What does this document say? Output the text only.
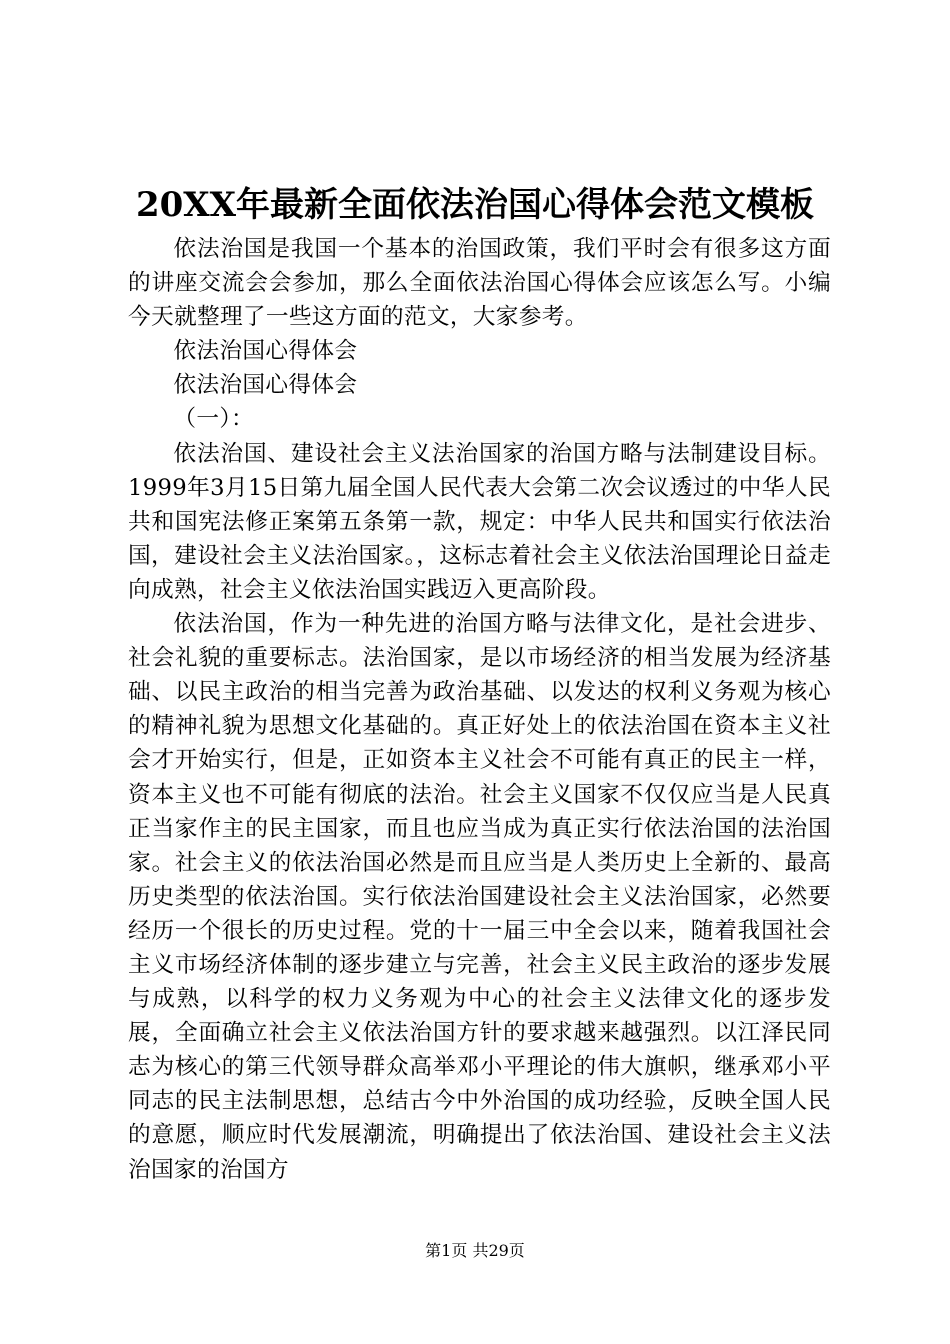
20XX年最新全面依法治国心得体会范文模板

依法治国是我国一个基本的治国政策，我们平时会有很多这方面的讲座交流会会参加，那么全面依法治国心得体会应该怎么写。小编今天就整理了一些这方面的范文，大家参考。

依法治国心得体会

依法治国心得体会

（一）：

依法治国、建设社会主义法治国家的治国方略与法制建设目标。1999年3月15日第九届全国人民代表大会第二次会议透过的中华人民共和国宪法修正案第五条第一款，规定：中华人民共和国实行依法治国，建设社会主义法治国家。，这标志着社会主义依法治国理论日益走向成熟，社会主义依法治国实践迈入更高阶段。

依法治国，作为一种先进的治国方略与法律文化，是社会进步、社会礼貌的重要标志。法治国家，是以市场经济的相当发展为经济基础、以民主政治的相当完善为政治基础、以发达的权利义务观为核心的精神礼貌为思想文化基础的。真正好处上的依法治国在资本主义社会才开始实行，但是，正如资本主义社会不可能有真正的民主一样，资本主义也不可能有彻底的法治。社会主义国家不仅仅应当是人民真正当家作主的民主国家，而且也应当成为真正实行依法治国的法治国家。社会主义的依法治国必然是而且应当是人类历史上全新的、最高历史类型的依法治国。实行依法治国建设社会主义法治国家，必然要经历一个很长的历史过程。党的十一届三中全会以来，随着我国社会主义市场经济体制的逐步建立与完善，社会主义民主政治的逐步发展与成熟，以科学的权力义务观为中心的社会主义法律文化的逐步发展，全面确立社会主义依法治国方针的要求越来越强烈。以江泽民同志为核心的第三代领导群众高举邓小平理论的伟大旗帜，继承邓小平同志的民主法制思想，总结古今中外治国的成功经验，反映全国人民的意愿，顺应时代发展潮流，明确提出了依法治国、建设社会主义法治国家的治国方

第1页 共29页
